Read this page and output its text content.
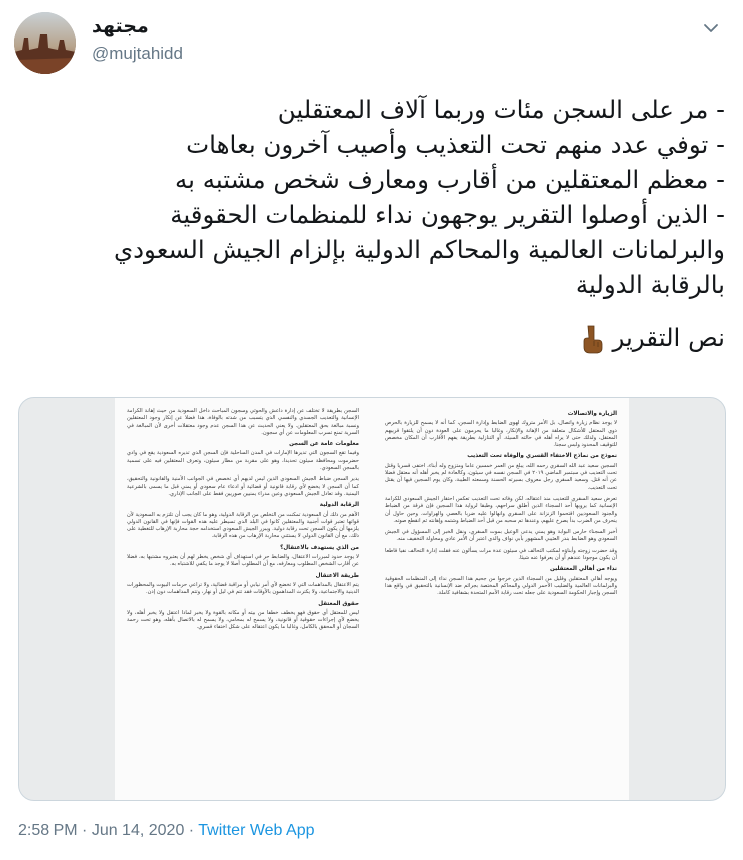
مجتهد
@mujtahidd
- مر على السجن مئات وربما آلاف المعتقلين
- توفي عدد منهم تحت التعذيب وأصيب آخرون بعاهات
- معظم المعتقلين من أقارب ومعارف شخص مشتبه به
- الذين أوصلوا التقرير يوجهون نداء للمنظمات الحقوقية
والبرلمانات العالمية والمحاكم الدولية بإلزام الجيش السعودي
بالرقابة الدولية
نص التقرير
الزيارة والاتصالات

لا يوجد نظام زيارة واتصال، بل الأمر متروك لهوى الضابط وإدارة السجن، كما أنه لا يسمح للزيارة بالحرص ذوي المعتقل للأشكال متعلقة من الإهانة والإنكار، وغالبا ما يحرمون على العودة دون أن يلتقوا قريبهم المعتقل، ولذلك حتى لا يراه أهله في حالته السيئة. أو التنازلية بطريقة يفهم الأقارب أن المكان مخصص للتوقيف المحدود ولبس سجنا.

نموذج من نماذج الاختفاء القسري والوفاة تحت التعذيب

السجين سعيد عبد الله السقري رحمه الله، يبلغ من العمر خمسين عاما ومتزوج وله أبناء، اختفى قسريا وقتل تحت التعذيب في سبتمبر الماضي ٢٠١٩ في السجن نفسه في سيئون، وكالعادة لم يخبر أهله أنه معتقل فضلا عن أنه قتل. وسعيد السقري رجل معروف بسيرته الحسنة وسمعته الطيبة، وكان يوم السجين فيها أن يقتل تحت التعذيب.

تعرض سعيد السقري للتعذيب منذ اعتقاله، لكن وفاته تحت التعذيب تعكس احتقار الجيش السعودي للكرامة الإنسانية كما يرويها أحد السجناء الذين أطلق سراحهم، وطبقا لرواية هذا السجين فإن فرقة من الضباط والجنود السعوديين اقتحموا الزنزانة على السقري وانهالوا عليه ضربا بالعصي والهراوات. وحين حاول أن ينحرف من الضرب بدأ يصرخ عليهم، وعندها تم سحبه من قبل أحد الضباط وشتمه وإهانته ثم انقطع صوته.

أخبر السجناء حارس البوابة وهو يمني يدعى الوعيل بموت السقري، ونقل الخبر إلى المسؤول في الجيش السعودي وهو الضابط بندر العثيبي المشهور بأبي نواف والذي اعتبر أن الأمر عادي ومحاولة التخفيف منه.

وقد حضرت زوجته وأبناؤه لمكتب التحالف في سيئون عدة مرات يسألون عنه فقلت إدارة التحالف نفيا قاطعا أن يكون موجودا عندهم أو أن يعرفوا عنه شيئا.

نداء من أهالي المعتقلين

ويوجه أهالي المعتقلين وقليل من السجناء الذين خرجوا من جحيم هذا السجن نداء إلى المنظمات الحقوقية والبرلمانات العالمية والضليب الأحمر الدولي والمحاكم المختصة بجرائم ضد الإنسانية بالتحقيق في واقع هذا السجن وإجبار الحكومة السعودية على جعله تحت رقابة الأمم المتحدة بشفافية كاملة.

السجن بطريقة لا تختلف عن إدارة داعش والحوثي وسجون المباحث داخل السعودية من حيث إهانة الكرامة الإنسانية والتعذيب الجسدي والنفسي الذي يتسبب من شدته بالوفاة، هذا فضلا عن إنكار وجود المعتقلين ونسبة مبالغة بحق المعتقلين. ولا يعني الحديث عن هذا السجن عدم وجود معتقلات أخرى لأن المبالغة في السرية تمنع تسرب المعلومات عن أي سجون.

معلومات عامة عن السجن

وفيما تقع السجون التي تديرها الإمارات في المدن الساحلية فإن السجن الذي تديره السعودية يقع في وادي حضرموت ومحافظة سيئون تحديدا، وهو على مقربة من مطار سيئون، وتعرف المعتقلين فيه على تسمية بالسجن السعودي.

يدير السجن ضباط الجيش السعودي الذين ليس لديهم أي تخصص في الجوانب الأمنية والقانونية والتحقيق، كما أن السجن لا يخضع لأي رقابة قانونية أو قضائية أو ادعاء عام سعودي أو يمني قبل ما يسمى بالشرعية اليمنية. وقد تعادل الجيش السعودي وعين مدراء يمنيين صوريين فقط على الجانب الإداري.

الرقابة الدولية

الأهم من ذلك أن السعودية تمكنت من التخلص من الرقابة الدولية، وهو ما كان يجب أن تلتزم به السعودية لأن قواتها تعتبر قوات أجنبية والمعتقلين كانوا في البلد الذي تسيطر عليه هذه القوات فإنها في القانون الدولي يلزمها أن يكون السجن تحت رقابة دولية. ويبرر الجيش السعودي استخدامه حجة محاربة الإرهاب للتغطية على ذلك، مع أن القانون الدولي لا يستثني محاربة الإرهاب من هذه الرقابة.

من الذي يستهدف بالاعتقال؟

لا يوجد حدود لمبررات الاعتقال، والضابط حر في استهداف أي شخص يخطر لهم أن يعتبروه مشتبها به، فضلا عن أقارب الشخص المطلوب ومعارفه، مع أن المطلوب أصلا لا يوجد ما يكفي للاشتباه به.

طريقة الاعتقال

يتم الاعتقال بالمداهمات التي لا تخضع لأي أمر نيابي أو مراقبة قضائية، ولا تراعي حرمات البيوت والمحظورات الدينية والاجتماعية، ولا يكترث المداهمون بالأوقات فقد تتم في ليل أو نهار، وتتم المداهمات دون إذن.

حقوق المعتقل

ليس للمعتقل أي حقوق فهو يخطف خطفا من بيته أو مكانه بالقوة ولا يخبر لماذا اعتقل ولا يخبر أهله، ولا يخضع لأي إجراءات حقوقية أو قانونية، ولا يسمح له بمحامي، ولا يسمح له بالاتصال بأهله، وهو تحت رحمة السجان أو المحقق بالكامل، وغالبا ما يكون اعتقاله على شكل اختفاء قسري.

2:58 PM · Jun 14, 2020 · Twitter Web App
